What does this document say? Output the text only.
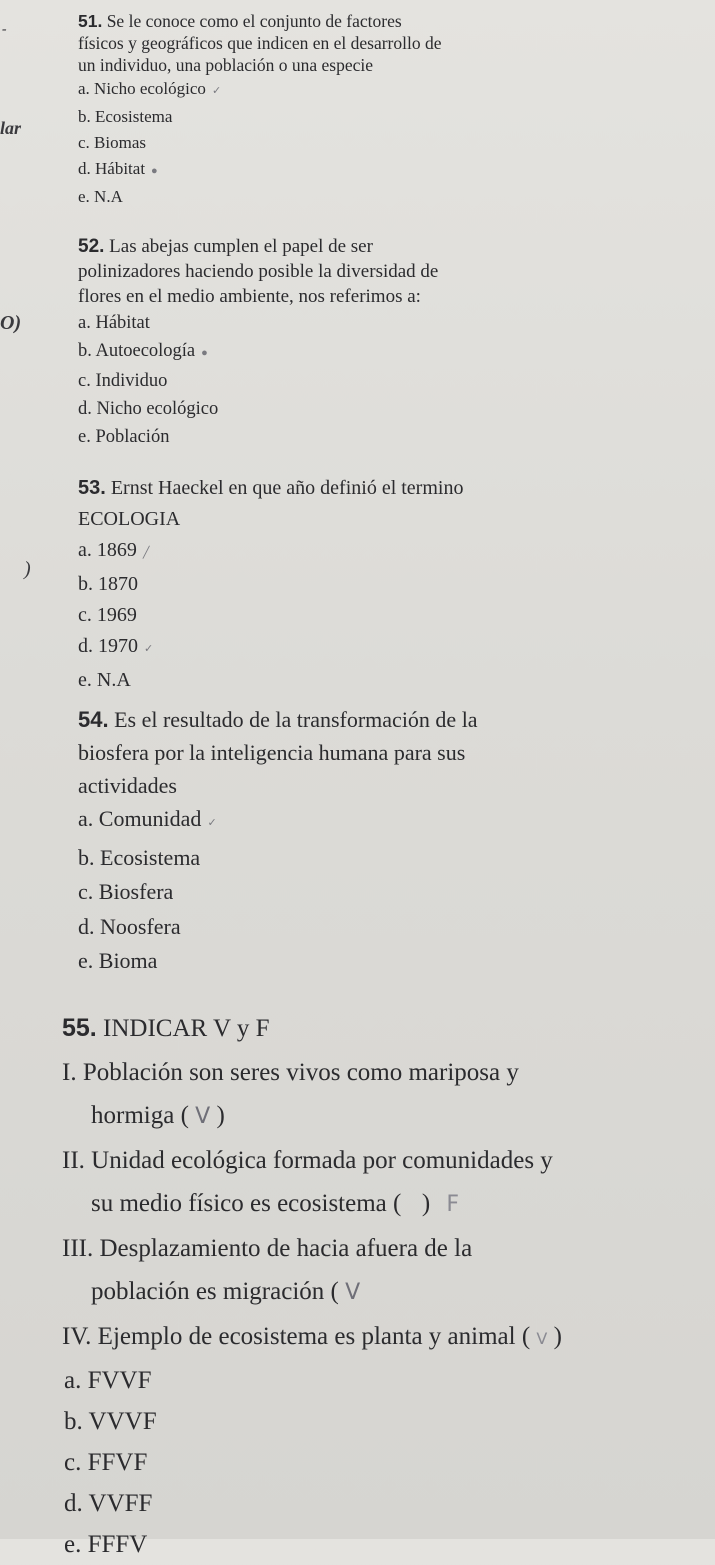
-
lar
O)
)
51. Se le conoce como el conjunto de factores
físicos y geográficos que indicen en el desarrollo de
un individuo, una población o una especie
a. Nicho ecológico ✓
b. Ecosistema
c. Biomas
d. Hábitat ●
e. N.A
52. Las abejas cumplen el papel de ser
polinizadores haciendo posible la diversidad de
flores en el medio ambiente, nos referimos a:
a. Hábitat
b. Autoecología ●
c. Individuo
d. Nicho ecológico
e. Población
53. Ernst Haeckel en que año definió el termino
ECOLOGIA
a. 1869 ╱
b. 1870
c. 1969
d. 1970 ✓
e. N.A
54. Es el resultado de la transformación de la
biosfera por la inteligencia humana para sus
actividades
a. Comunidad ✓
b. Ecosistema
c. Biosfera
d. Noosfera
e. Bioma
55. INDICAR V y F
I. Población son seres vivos como mariposa y
hormiga ( V )
II. Unidad ecológica formada por comunidades y
su medio físico es ecosistema ( ) F
III. Desplazamiento de hacia afuera de la
población es migración ( V
IV. Ejemplo de ecosistema es planta y animal ( V )
a. FVVF
b. VVVF
c. FFVF
d. VVFF
e. FFFV
